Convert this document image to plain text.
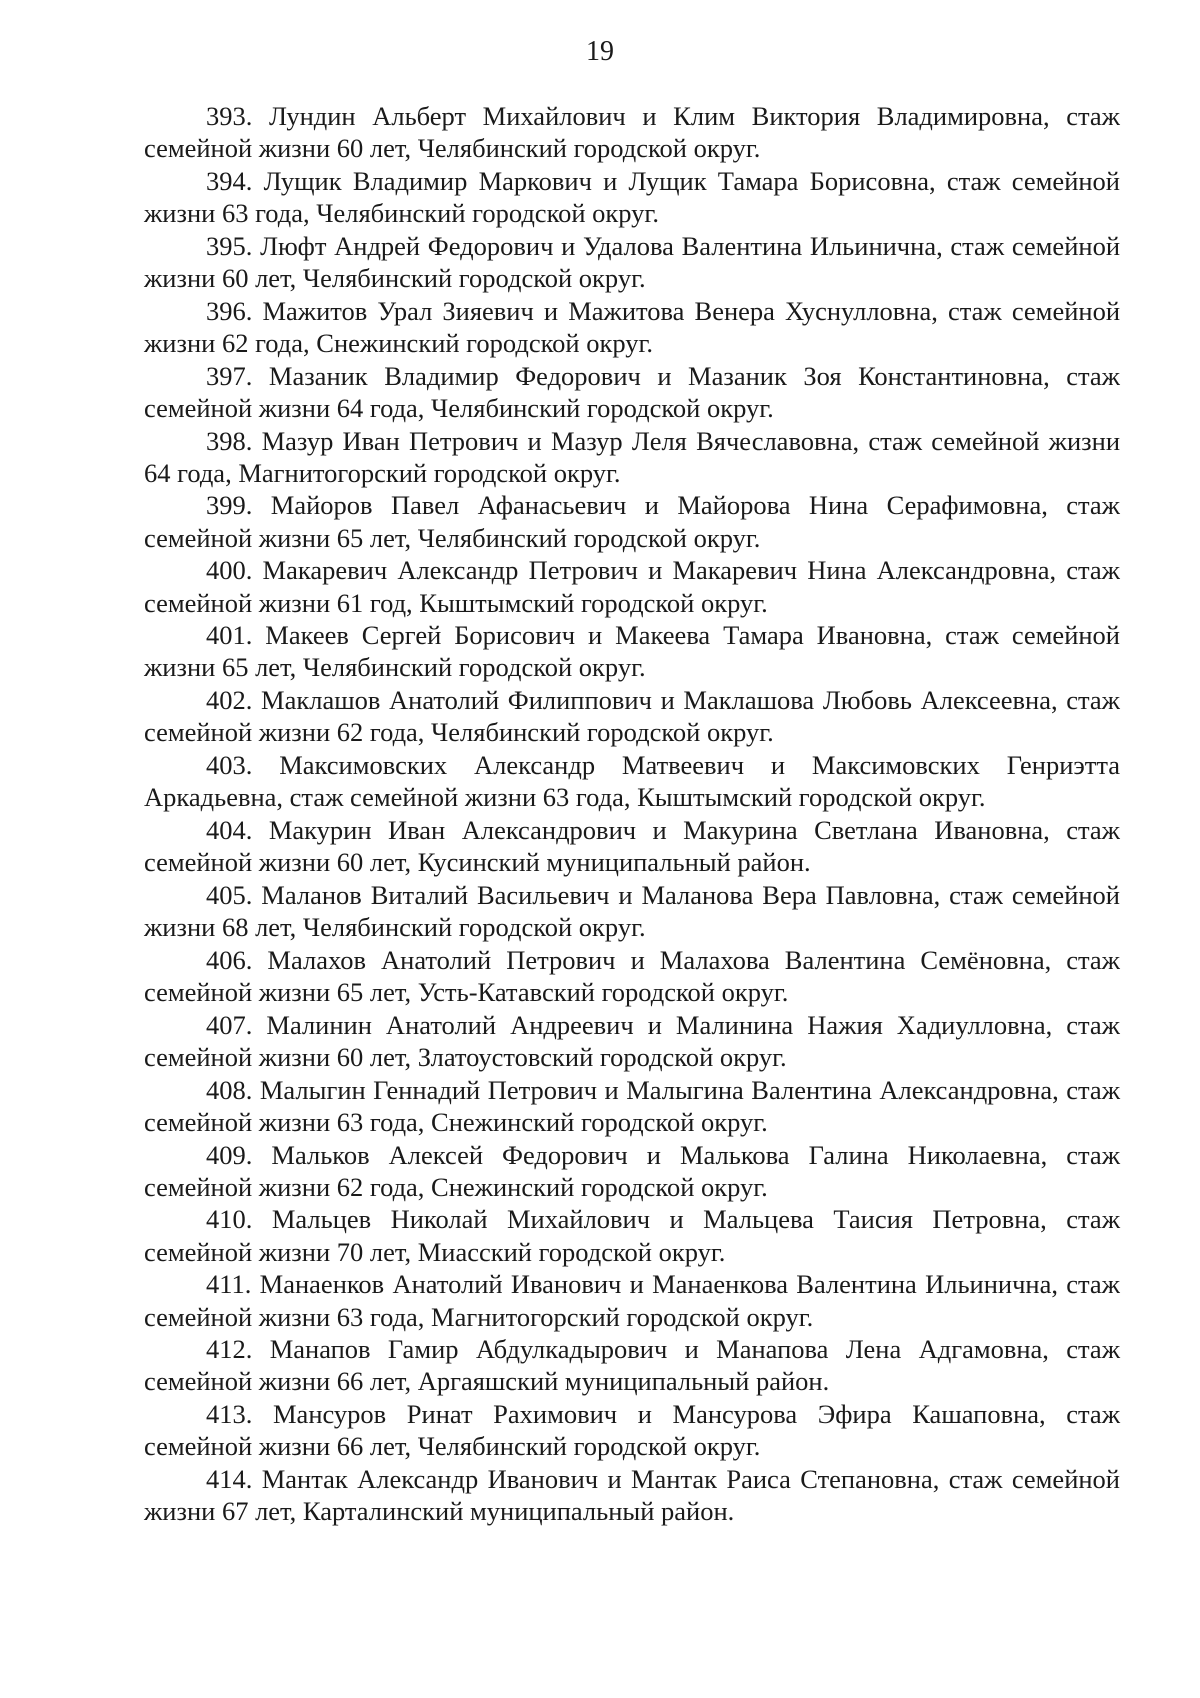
19
393. Лундин Альберт Михайлович и Клим Виктория Владимировна, стаж семейной жизни 60 лет, Челябинский городской округ.
394. Лущик Владимир Маркович и Лущик Тамара Борисовна, стаж семейной жизни 63 года, Челябинский городской округ.
395. Люфт Андрей Федорович и Удалова Валентина Ильинична, стаж семейной жизни 60 лет, Челябинский городской округ.
396. Мажитов Урал Зияевич и Мажитова Венера Хуснулловна, стаж семейной жизни 62 года, Снежинский городской округ.
397. Мазаник Владимир Федорович и Мазаник Зоя Константиновна, стаж семейной жизни 64 года, Челябинский городской округ.
398. Мазур Иван Петрович и Мазур Леля Вячеславовна, стаж семейной жизни 64 года, Магнитогорский городской округ.
399. Майоров Павел Афанасьевич и Майорова Нина Серафимовна, стаж семейной жизни 65 лет, Челябинский городской округ.
400. Макаревич Александр Петрович и Макаревич Нина Александровна, стаж семейной жизни 61 год, Кыштымский городской округ.
401. Макеев Сергей Борисович и Макеева Тамара Ивановна, стаж семейной жизни 65 лет, Челябинский городской округ.
402. Маклашов Анатолий Филиппович и Маклашова Любовь Алексеевна, стаж семейной жизни 62 года, Челябинский городской округ.
403. Максимовских Александр Матвеевич и Максимовских Генриэтта Аркадьевна, стаж семейной жизни 63 года, Кыштымский городской округ.
404. Макурин Иван Александрович и Макурина Светлана Ивановна, стаж семейной жизни 60 лет, Кусинский муниципальный район.
405. Маланов Виталий Васильевич и Маланова Вера Павловна, стаж семейной жизни 68 лет, Челябинский городской округ.
406. Малахов Анатолий Петрович и Малахова Валентина Семёновна, стаж семейной жизни 65 лет, Усть-Катавский городской округ.
407. Малинин Анатолий Андреевич и Малинина Нажия Хадиулловна, стаж семейной жизни 60 лет, Златоустовский городской округ.
408. Малыгин Геннадий Петрович и Малыгина Валентина Александровна, стаж семейной жизни 63 года, Снежинский городской округ.
409. Мальков Алексей Федорович и Малькова Галина Николаевна, стаж семейной жизни 62 года, Снежинский городской округ.
410. Мальцев Николай Михайлович и Мальцева Таисия Петровна, стаж семейной жизни 70 лет, Миасский городской округ.
411. Манаенков Анатолий Иванович и Манаенкова Валентина Ильинична, стаж семейной жизни 63 года, Магнитогорский городской округ.
412. Манапов Гамир Абдулкадырович и Манапова Лена Адгамовна, стаж семейной жизни 66 лет, Аргаяшский муниципальный район.
413. Мансуров Ринат Рахимович и Мансурова Эфира Кашаповна, стаж семейной жизни 66 лет, Челябинский городской округ.
414. Мантак Александр Иванович и Мантак Раиса Степановна, стаж семейной жизни 67 лет, Карталинский муниципальный район.
